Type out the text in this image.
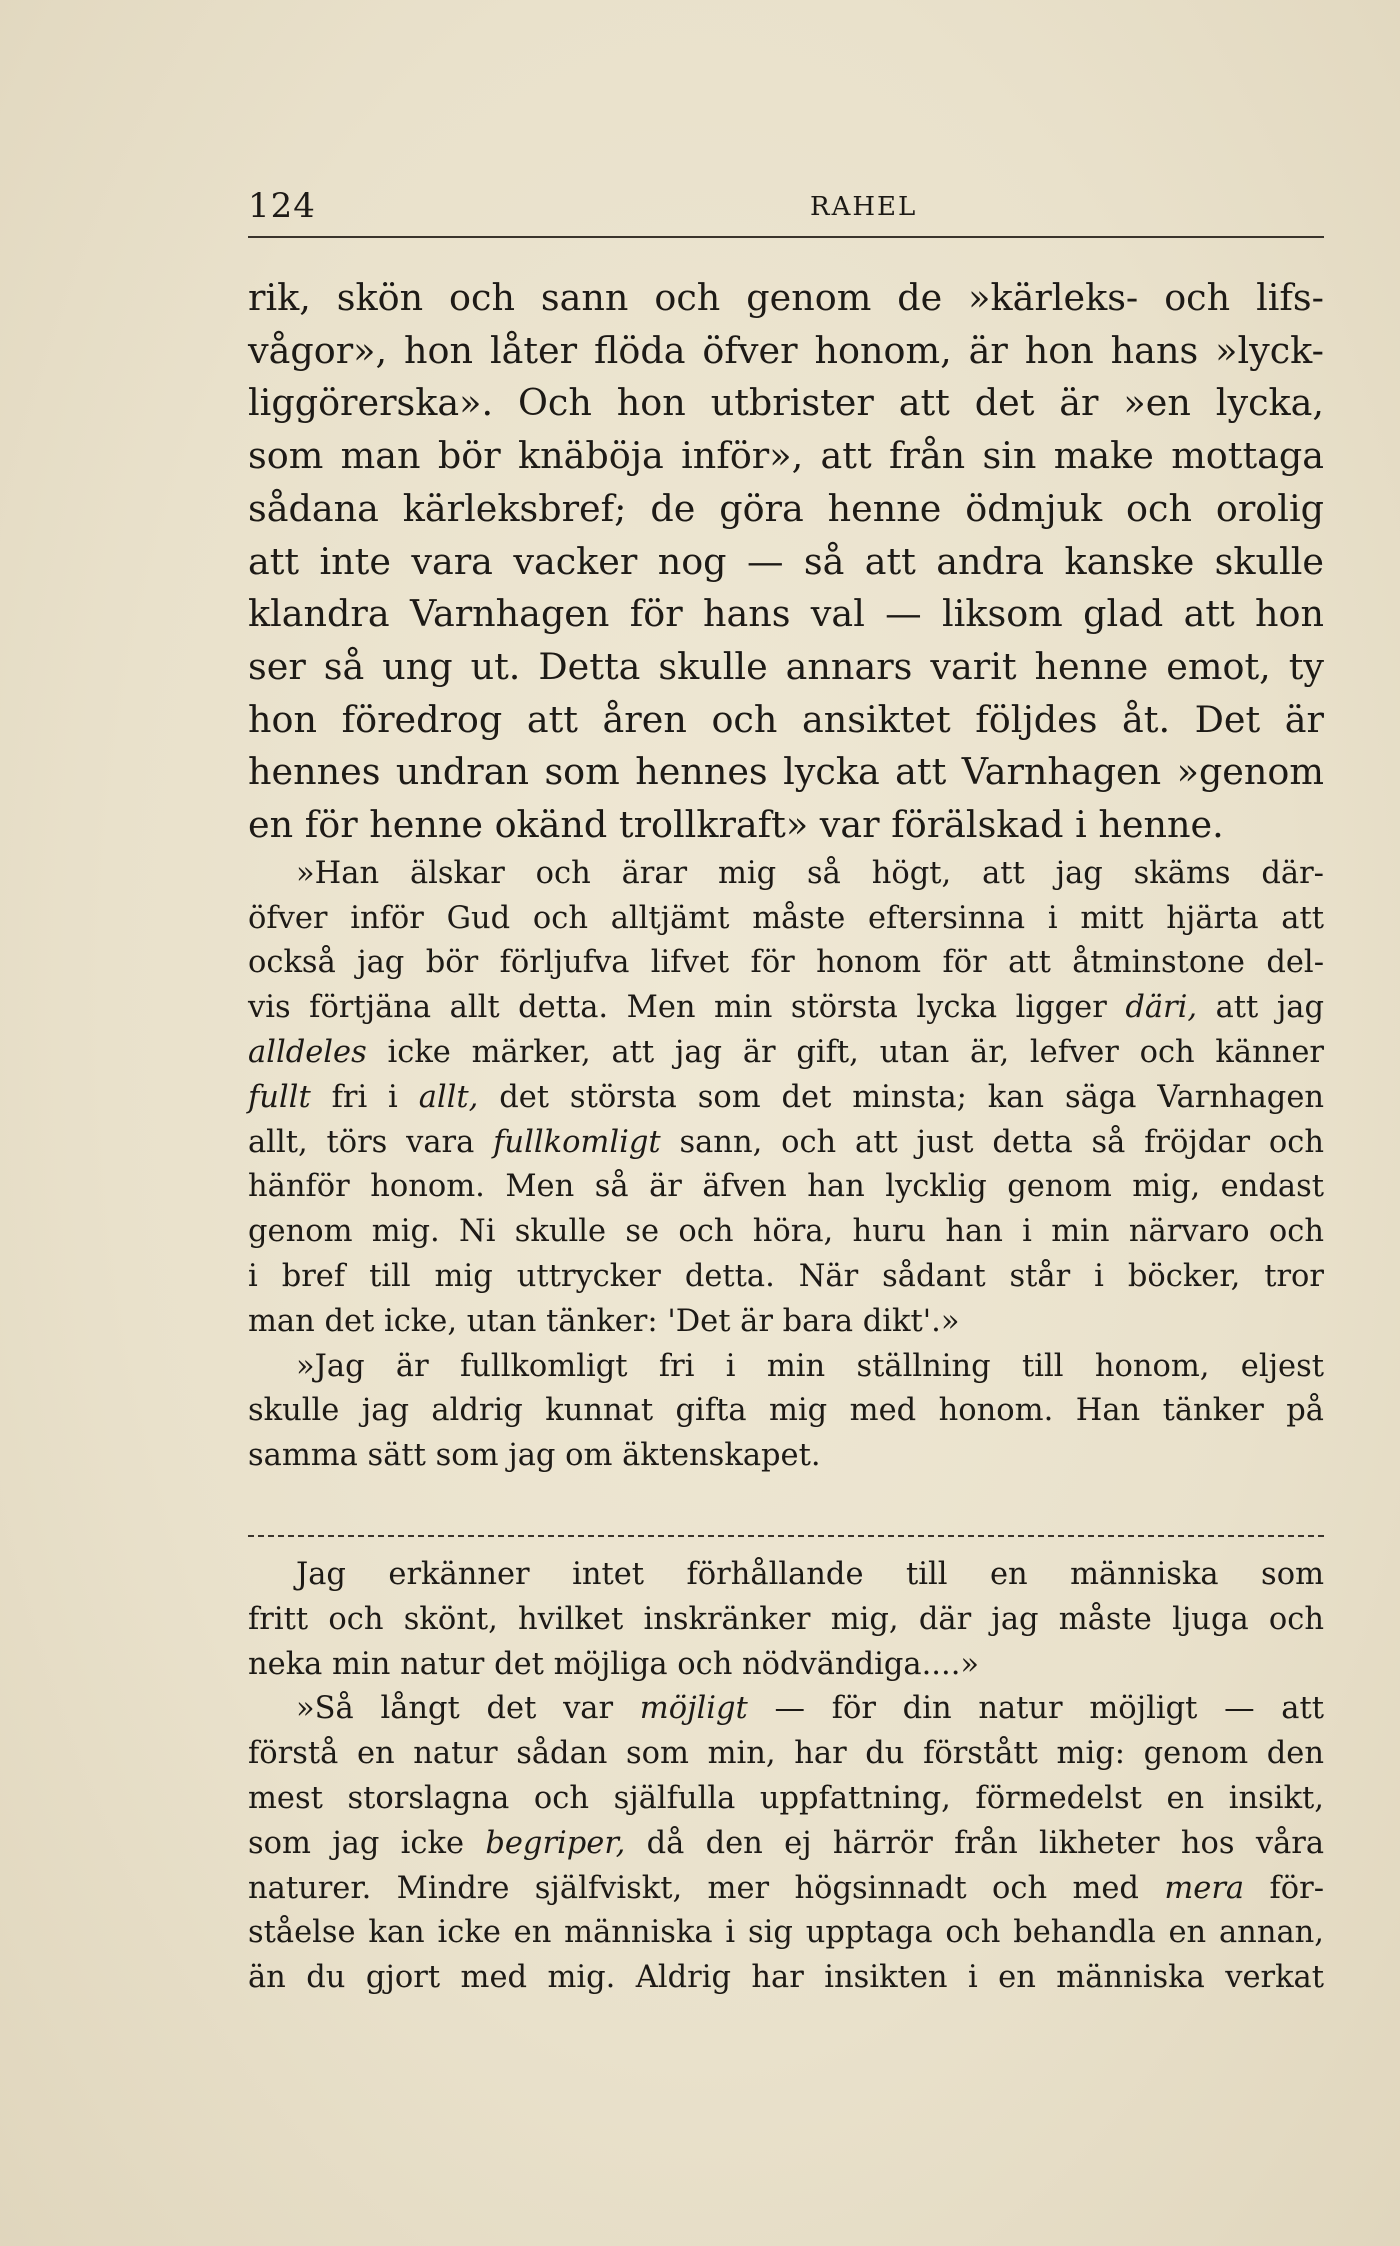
124	RAHEL

rik, skön och sann och genom de »kärleks- och lifs-

vågor», hon låter flöda öfver honom, är hon hans »lyck-

liggörerska». Och hon utbrister att det är »en lycka,

som man bör knäböja inför», att från sin make mottaga

sådana kärleksbref; de göra henne ödmjuk och orolig

att inte vara vacker nog — så att andra kanske skulle

klandra Varnhagen för hans val — liksom glad att hon

ser så ung ut. Detta skulle annars varit henne emot, ty

hon föredrog att åren och ansiktet följdes åt. Det är

hennes undran som hennes lycka att Varnhagen »genom

en för henne okänd trollkraft» var förälskad i henne.

»Han älskar och ärar mig så högt, att jag skäms där-

öfver inför Gud och alltjämt måste eftersinna i mitt hjärta att

också jag bör förljufva lifvet för honom för att åtminstone del-

vis förtjäna allt detta. Men min största lycka ligger däri, att jag

alldeles icke märker, att jag är gift, utan är, lefver och känner

fullt fri i allt, det största som det minsta; kan säga Varnhagen

allt, törs vara fullkomligt sann, och att just detta så fröjdar och

hänför honom. Men så är äfven han lycklig genom mig, endast

genom mig. Ni skulle se och höra, huru han i min närvaro och

i bref till mig uttrycker detta. När sådant står i böcker, tror

man det icke, utan tänker: 'Det är bara dikt'.»

»Jag är fullkomligt fri i min ställning till honom, eljest

skulle jag aldrig kunnat gifta mig med honom. Han tänker på

samma sätt som jag om äktenskapet.

Jag erkänner intet förhållande till en människa som

fritt och skönt, hvilket inskränker mig, där jag måste ljuga och

neka min natur det möjliga och nödvändiga....»

»Så långt det var möjligt — för din natur möjligt — att

förstå en natur sådan som min, har du förstått mig: genom den

mest storslagna och själfulla uppfattning, förmedelst en insikt,

som jag icke begriper, då den ej härrör från likheter hos våra

naturer. Mindre själfviskt, mer högsinnadt och med mera för-

ståelse kan icke en människa i sig upptaga och behandla en annan,

än du gjort med mig. Aldrig har insikten i en människa verkat
